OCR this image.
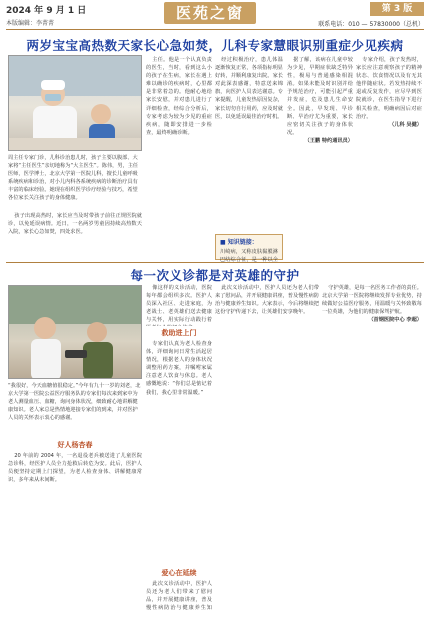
2024 年 9 月 1 日
本版编辑：李菁菁
医苑之窗	第 3 版
联系电话：010 — 57830000（总机）
两岁宝宝高热数天家长心急如焚，儿科专家慧眼识别重症少见疾病
周主任专家门诊，儿科诊治患儿时，孩子主要以腹部、大家将“主任医生”亲切地称为“大主医生”。陈伟，男，主任医师，医学博士，北京大学第一医院儿科，擅长儿童呼吸系统疾病和诊治，对小儿内科各系统疾病的诊断治疗具有丰富的临床经验。她现在组织医学诊疗经验与技巧，希望各位家长关注孩子的身体健康。

孩子出现高热时，家长应当及时带孩子前往正规医院就诊，以免延误病情。近日，一名两岁男童因持续高热数天入院，家长心急如焚，四处求医。

主任。他是一个认真负责的医生，当时，看到这么小的孩子在生病，家长在遇上难以确诊的疾病时，心里都是非常着急的。他耐心地给家长安慰，并对患儿进行了详细检查，经综合分析后，专家考虑为较为少见的重症疾病，随即安排进一步检查，最终明确诊断。

经过积极治疗，患儿体温逐渐恢复正常，各项指标明显好转，并顺利康复出院。家长对此深表感谢，特意送来锦旗，向医护人员表达谢意。专家提醒，儿童发热原因复杂，家长切勿自行用药，应及时就医，以免延误最佳治疗时机。

■ 知识链接：
川崎病，又称皮肤黏膜淋巴结综合征，是一种以全

据了解，该病在儿童中较为少见，早期症状缺乏特异性，极易与普通感染相混淆。如果未能及时识别并给予规范治疗，可能引起严重并发症，危及患儿生命安全。因此，早发现、早诊断、早治疗尤为重要，家长应密切关注孩子的身体状况。

（王鹏 特约通讯员）

专家介绍，孩子发热时，家长应注意观察孩子的精神状态、饮食情况以及有无其他伴随症状。若发热持续不退或反复发作，应尽早到医院就诊，在医生指导下进行相关检查，明确病因后对症治疗。

（儿科 吴健）

每一次义诊都是对英雄的守护
“我很好，今天血糖值很稳定。”今年有九十一岁的刘老，北京大学第一医院公益医疗服务队的专家们每次来到家中为老人测量血压、血糖，询问身体状况，细致耐心地讲解健康知识。老人家总是热情地迎接专家们的到来，并对医护人员的关怀表示衷心的感谢。
好人杨杏春

20 年前的 2004 年，一名退役老兵被送进了儿童医院急诊科，经医护人员全力抢救后转危为安。此后，医护人员便坚持定期上门探望，为老人检查身体、讲解健康常识，多年来从未间断。

像这样的义诊活动，医院每年都会组织多次。医护人员深入社区、走进家庭，为老战士、老英雄们送去健康与关怀，用实际行动践行着

救助进上门

专家们认真为老人检查身体，详细询问日常生活起居情况，根据老人的身体状况调整用药方案，并嘱咐家属注意老人饮食与休息。老人感慨地说：“你们总是惦记着我们，我心里非常温暖。”

爱心在延续

此次义诊活动中，医护人员还为老人们带来了慰问品，并开展健康讲座，普及慢性病防治与健康养生知

此次义诊活动中，医护人员还为老人们带来了慰问品，并开展健康讲座，普及慢性病防治与健康养生知识。大家表示，今后将继续把这份守护传递下去，让英雄们安享晚年。

守护英雄，是每一名医务工作者的责任。北京大学第一医院将继续发挥专业优势，持续做好公益医疗服务，用温暖与关怀致敬每一位英雄，为他们的健康保驾护航。

（首钢医院中心 李超）
